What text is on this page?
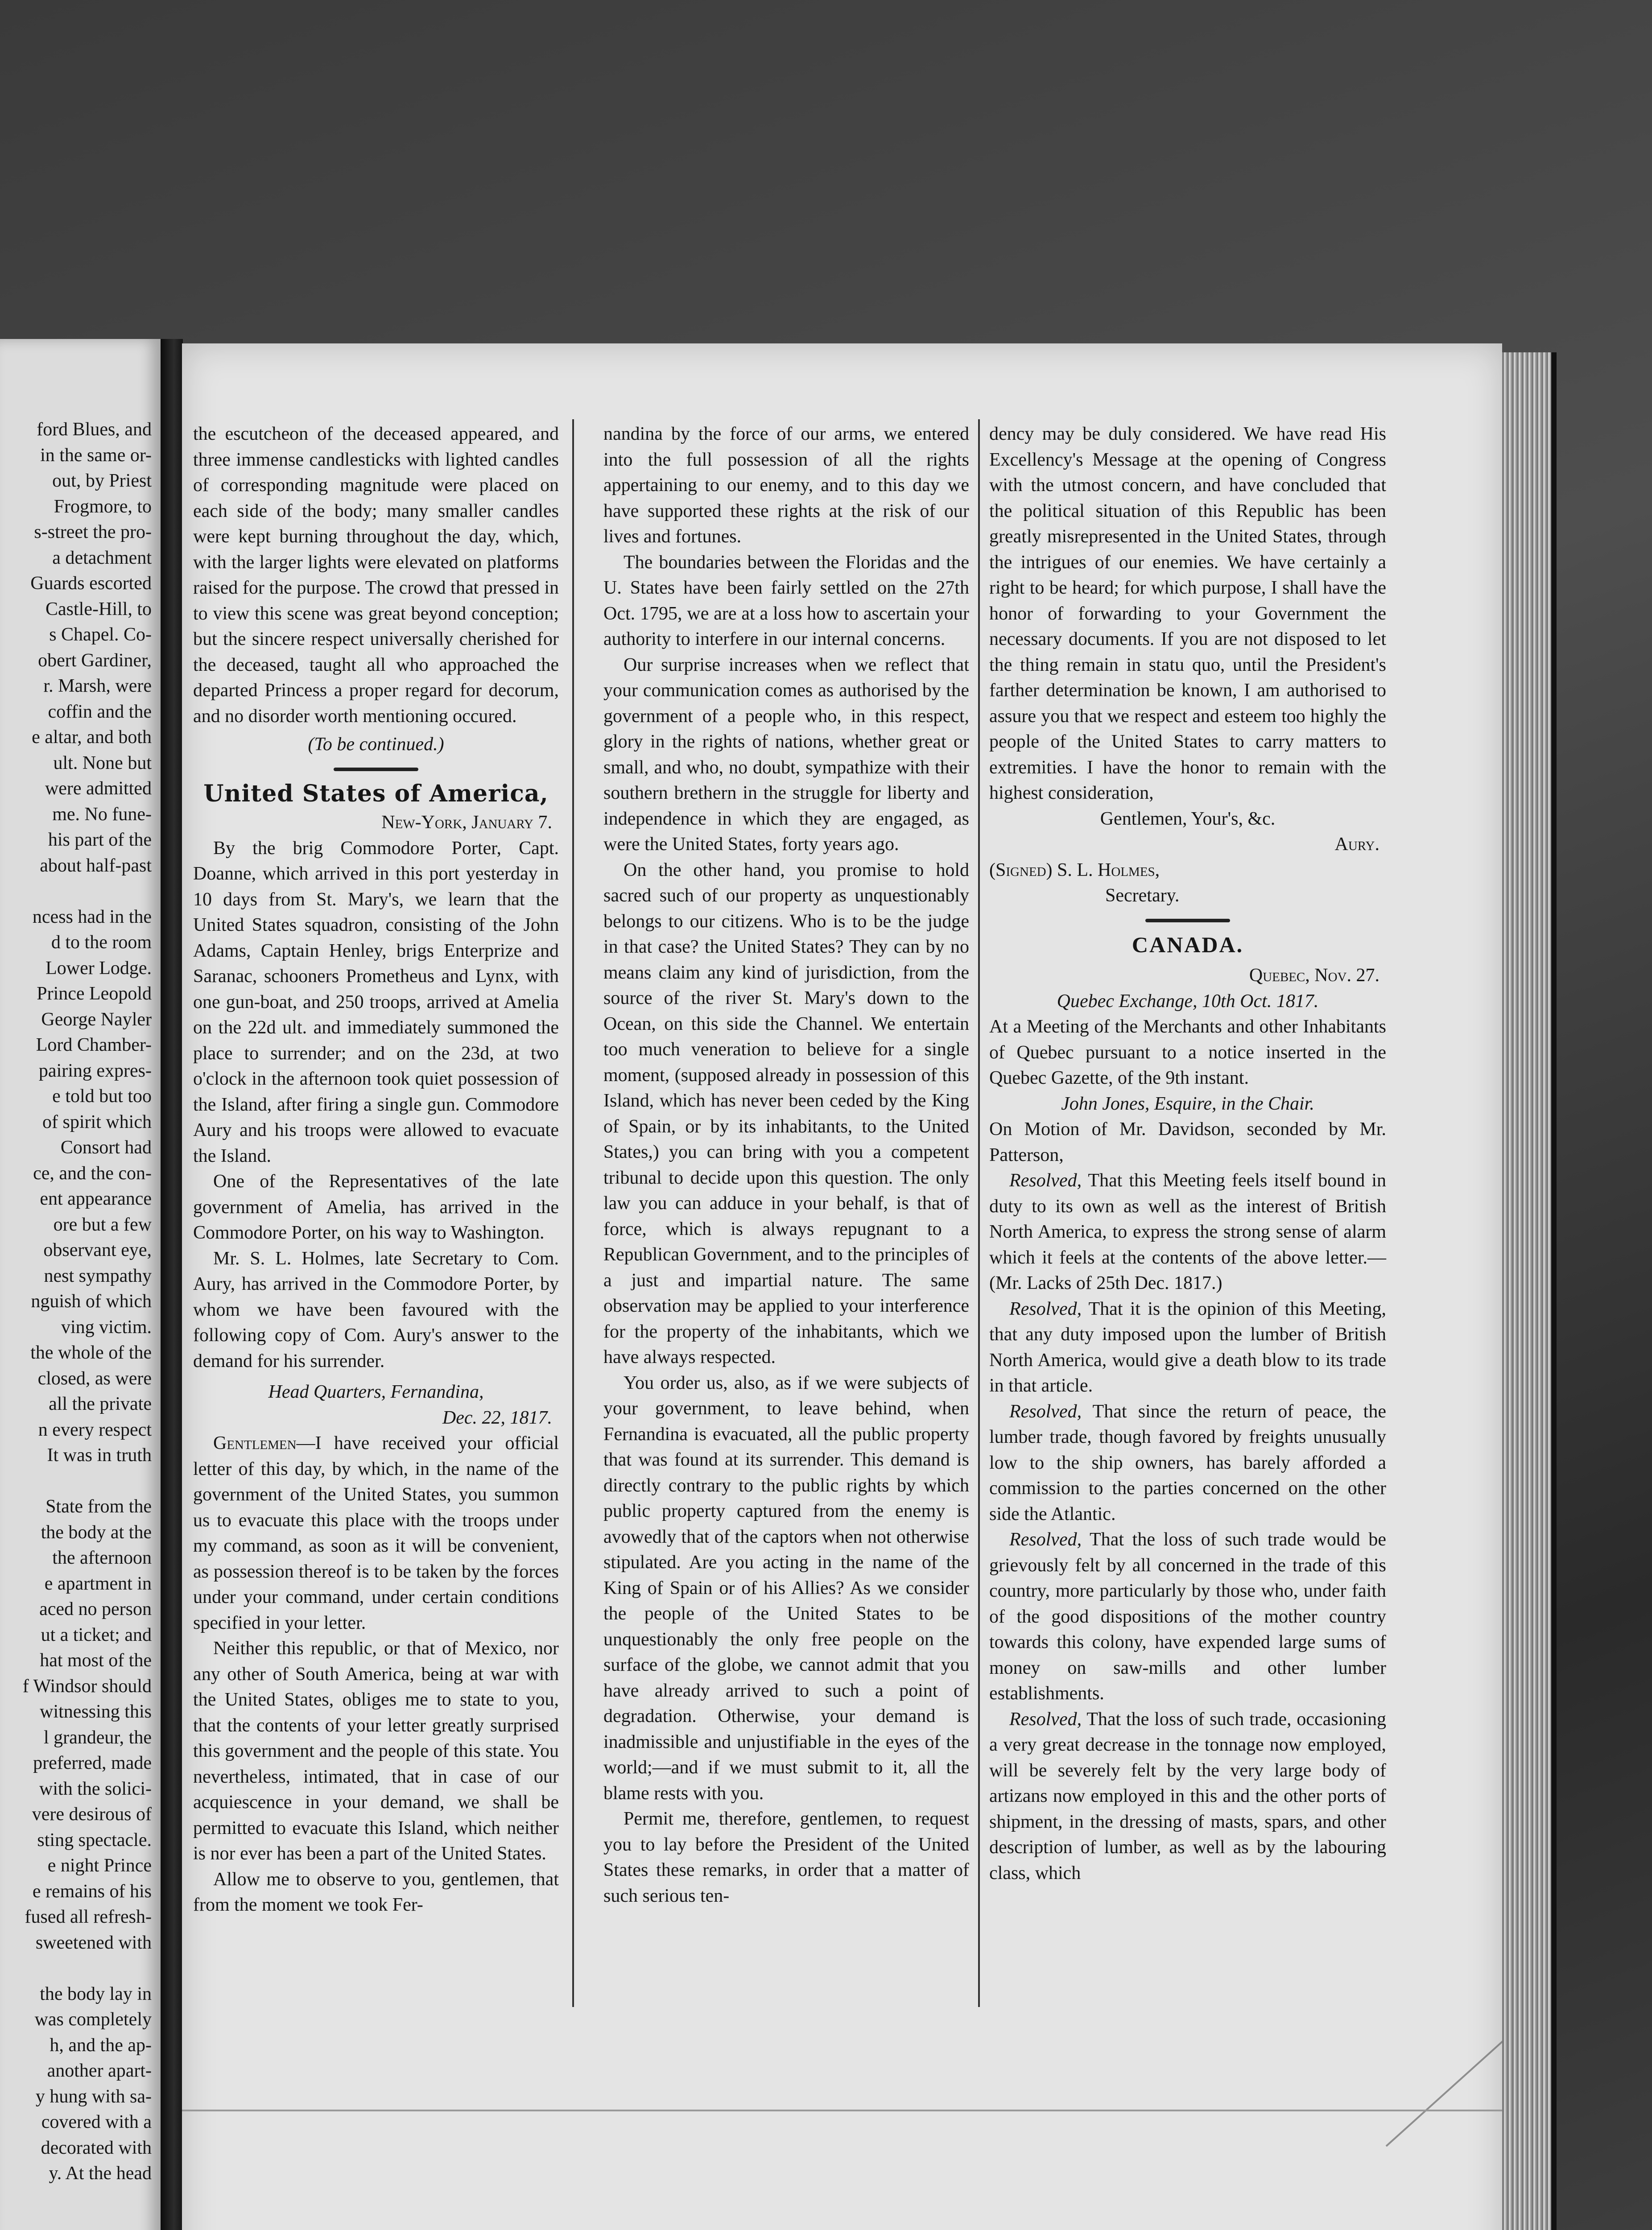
ford Blues, and
in the same or-
out, by Priest
Frogmore, to
s-street the pro-
a detachment
Guards escorted
Castle-Hill, to
s Chapel. Co-
obert Gardiner,
r. Marsh, were
coffin and the
e altar, and both
ult. None but
were admitted
me. No fune-
his part of the
about half-past

ncess had in the
d to the room
Lower Lodge.
Prince Leopold
George Nayler
Lord Chamber-
pairing expres-
e told but too
of spirit which
Consort had
ce, and the con-
ent appearance
ore but a few
observant eye,
nest sympathy
nguish of which
ving victim.
the whole of the
closed, as were
all the private
n every respect
It was in truth

State from the
the body at the
the afternoon
e apartment in
aced no person
ut a ticket; and
hat most of the
f Windsor should
witnessing this
l grandeur, the
preferred, made
with the solici-
vere desirous of
sting spectacle.
e night Prince
e remains of his
fused all refresh-
sweetened with

the body lay in
was completely
h, and the ap-
another apart-
y hung with sa-
covered with a
decorated with
y. At the head

the escutcheon of the deceased appeared, and three immense candlesticks with lighted candles of corresponding magnitude were placed on each side of the body; many smaller candles were kept burning throughout the day, which, with the larger lights were elevated on platforms raised for the purpose. The crowd that pressed in to view this scene was great beyond conception; but the sincere respect universally cherished for the deceased, taught all who approached the departed Princess a proper regard for decorum, and no disorder worth mentioning occured.

(To be continued.)

United States of America,

New-York, January 7.

By the brig Commodore Porter, Capt. Doanne, which arrived in this port yesterday in 10 days from St. Mary's, we learn that the United States squadron, consisting of the John Adams, Captain Henley, brigs Enterprize and Saranac, schooners Prometheus and Lynx, with one gun-boat, and 250 troops, arrived at Amelia on the 22d ult. and immediately summoned the place to surrender; and on the 23d, at two o'clock in the afternoon took quiet possession of the Island, after firing a single gun. Commodore Aury and his troops were allowed to evacuate the Island.

One of the Representatives of the late government of Amelia, has arrived in the Commodore Porter, on his way to Washington.

Mr. S. L. Holmes, late Secretary to Com. Aury, has arrived in the Commodore Porter, by whom we have been favoured with the following copy of Com. Aury's answer to the demand for his surrender.

Head Quarters, Fernandina,

Dec. 22, 1817.

Gentlemen—I have received your official letter of this day, by which, in the name of the government of the United States, you summon us to evacuate this place with the troops under my command, as soon as it will be convenient, as possession thereof is to be taken by the forces under your command, under certain conditions specified in your letter.

Neither this republic, or that of Mexico, nor any other of South America, being at war with the United States, obliges me to state to you, that the contents of your letter greatly surprised this government and the people of this state. You nevertheless, intimated, that in case of our acquiescence in your demand, we shall be permitted to evacuate this Island, which neither is nor ever has been a part of the United States.

Allow me to observe to you, gentlemen, that from the moment we took Fer-

nandina by the force of our arms, we entered into the full possession of all the rights appertaining to our enemy, and to this day we have supported these rights at the risk of our lives and fortunes.

The boundaries between the Floridas and the U. States have been fairly settled on the 27th Oct. 1795, we are at a loss how to ascertain your authority to interfere in our internal concerns.

Our surprise increases when we reflect that your communication comes as authorised by the government of a people who, in this respect, glory in the rights of nations, whether great or small, and who, no doubt, sympathize with their southern brethern in the struggle for liberty and independence in which they are engaged, as were the United States, forty years ago.

On the other hand, you promise to hold sacred such of our property as unquestionably belongs to our citizens. Who is to be the judge in that case? the United States? They can by no means claim any kind of jurisdiction, from the source of the river St. Mary's down to the Ocean, on this side the Channel. We entertain too much veneration to believe for a single moment, (supposed already in possession of this Island, which has never been ceded by the King of Spain, or by its inhabitants, to the United States,) you can bring with you a competent tribunal to decide upon this question. The only law you can adduce in your behalf, is that of force, which is always repugnant to a Republican Government, and to the principles of a just and impartial nature. The same observation may be applied to your interference for the property of the inhabitants, which we have always respected.

You order us, also, as if we were subjects of your government, to leave behind, when Fernandina is evacuated, all the public property that was found at its surrender. This demand is directly contrary to the public rights by which public property captured from the enemy is avowedly that of the captors when not otherwise stipulated. Are you acting in the name of the King of Spain or of his Allies? As we consider the people of the United States to be unquestionably the only free people on the surface of the globe, we cannot admit that you have already arrived to such a point of degradation. Otherwise, your demand is inadmissible and unjustifiable in the eyes of the world;—and if we must submit to it, all the blame rests with you.

Permit me, therefore, gentlemen, to request you to lay before the President of the United States these remarks, in order that a matter of such serious ten-

dency may be duly considered. We have read His Excellency's Message at the opening of Congress with the utmost concern, and have concluded that the political situation of this Republic has been greatly misrepresented in the United States, through the intrigues of our enemies. We have certainly a right to be heard; for which purpose, I shall have the honor of forwarding to your Government the necessary documents. If you are not disposed to let the thing remain in statu quo, until the President's farther determination be known, I am authorised to assure you that we respect and esteem too highly the people of the United States to carry matters to extremities. I have the honor to remain with the highest consideration,

Gentlemen, Your's, &c.

Aury.

(Signed) S. L. Holmes,

Secretary.

CANADA.

Quebec, Nov. 27.

Quebec Exchange, 10th Oct. 1817.

At a Meeting of the Merchants and other Inhabitants of Quebec pursuant to a notice inserted in the Quebec Gazette, of the 9th instant.

John Jones, Esquire, in the Chair.

On Motion of Mr. Davidson, seconded by Mr. Patterson,

Resolved, That this Meeting feels itself bound in duty to its own as well as the interest of British North America, to express the strong sense of alarm which it feels at the contents of the above letter.—(Mr. Lacks of 25th Dec. 1817.)

Resolved, That it is the opinion of this Meeting, that any duty imposed upon the lumber of British North America, would give a death blow to its trade in that article.

Resolved, That since the return of peace, the lumber trade, though favored by freights unusually low to the ship owners, has barely afforded a commission to the parties concerned on the other side the Atlantic.

Resolved, That the loss of such trade would be grievously felt by all concerned in the trade of this country, more particularly by those who, under faith of the good dispositions of the mother country towards this colony, have expended large sums of money on saw-mills and other lumber establishments.

Resolved, That the loss of such trade, occasioning a very great decrease in the tonnage now employed, will be severely felt by the very large body of artizans now employed in this and the other ports of shipment, in the dressing of masts, spars, and other description of lumber, as well as by the labouring class, which
